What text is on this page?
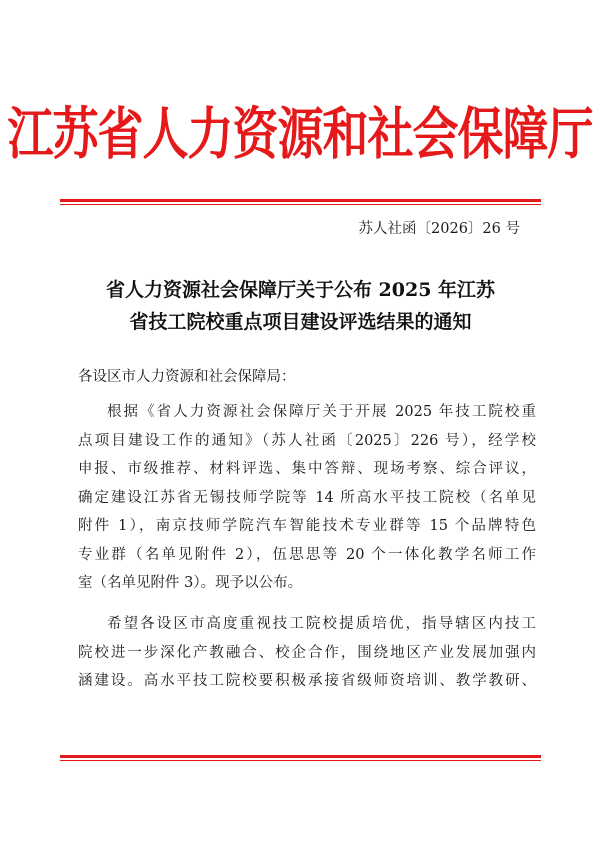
江苏省人力资源和社会保障厅
苏人社函〔2026〕26 号
省人力资源社会保障厅关于公布 2025 年江苏
省技工院校重点项目建设评选结果的通知
各设区市人力资源和社会保障局：
根据《省人力资源社会保障厅关于开展 2025 年技工院校重
点项目建设工作的通知》（苏人社函〔2025〕226 号），经学校
申报、市级推荐、材料评选、集中答辩、现场考察、综合评议，
确定建设江苏省无锡技师学院等 14 所高水平技工院校（名单见
附件 1），南京技师学院汽车智能技术专业群等 15 个品牌特色
专业群（名单见附件 2），伍思思等 20 个一体化教学名师工作
室（名单见附件 3）。现予以公布。
希望各设区市高度重视技工院校提质培优，指导辖区内技工
院校进一步深化产教融合、校企合作，围绕地区产业发展加强内
涵建设。高水平技工院校要积极承接省级师资培训、教学教研、
